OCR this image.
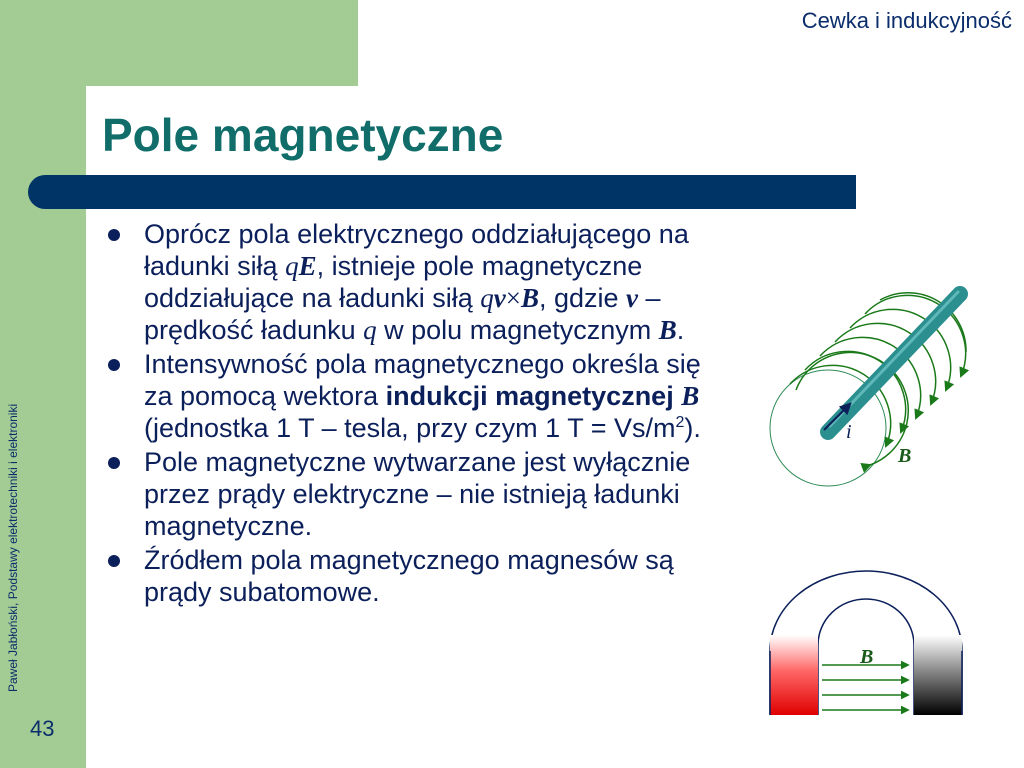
Cewka i indukcyjność
Pole magnetyczne
Paweł Jabłoński, Podstawy elektrotechniki i elektroniki
43
Oprócz pola elektrycznego oddziałującego na ładunki siłą qE, istnieje pole magnetyczne oddziałujące na ładunki siłą qv×B, gdzie v – prędkość ładunku q w polu magnetycznym B.
Intensywność pola magnetycznego określa się za pomocą wektora indukcji magnetycznej B (jednostka 1 T – tesla, przy czym 1 $T = Vs/m^2$).
Pole magnetyczne wytwarzane jest wyłącznie przez prądy elektryczne – nie istnieją ładunki magnetyczne.
Źródłem pola magnetycznego magnesów są prądy subatomowe.
i
B
B
